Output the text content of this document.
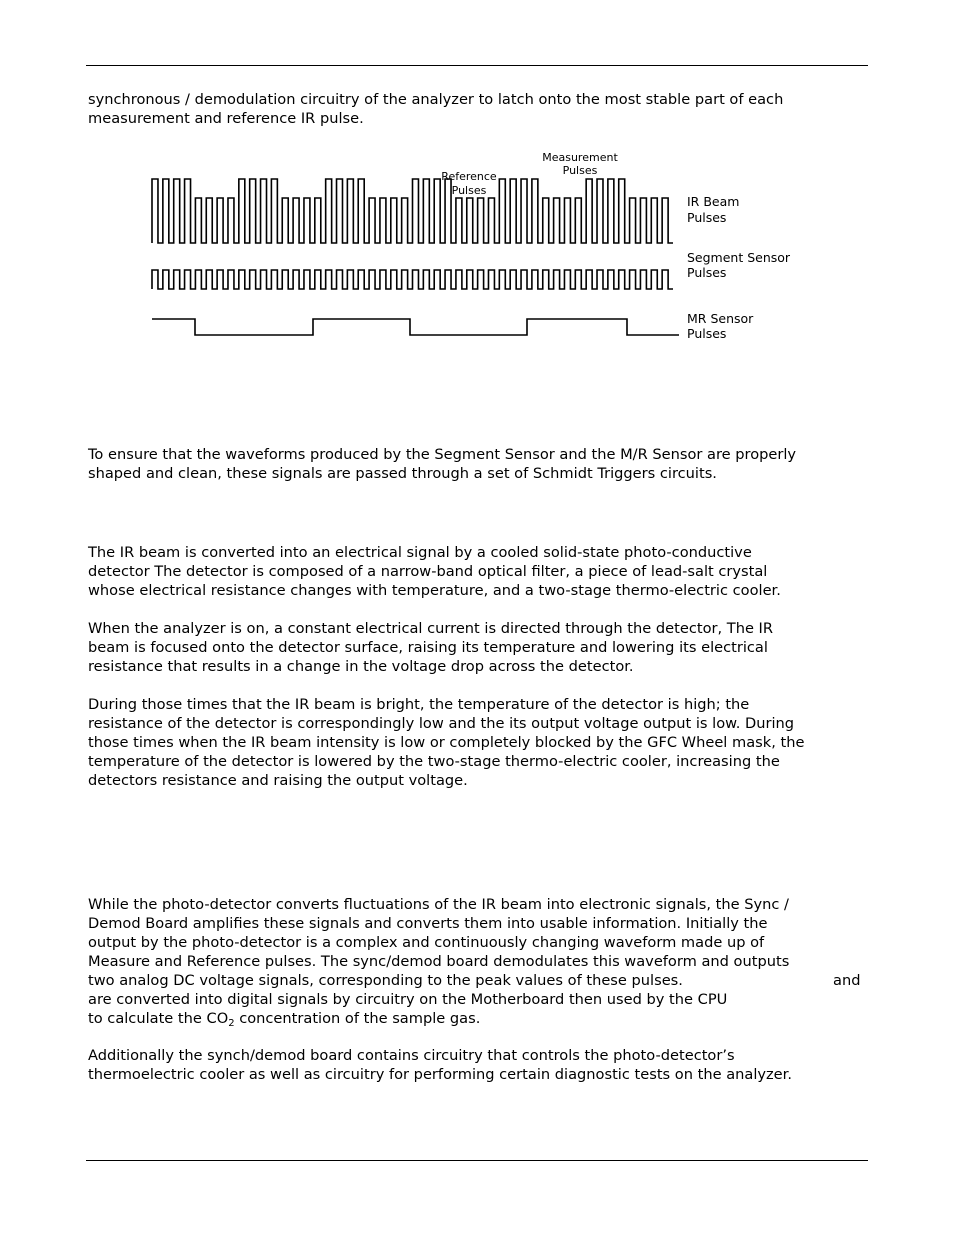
synchronous / demodulation circuitry of the analyzer to latch onto the most stable part of each
measurement and reference IR pulse.

Reference
Pulses
Measurement
Pulses
IR Beam
Pulses
Segment Sensor
Pulses
MR Sensor
Pulses

To ensure that the waveforms produced by the Segment Sensor and the M/R Sensor are properly
shaped and clean, these signals are passed through a set of Schmidt Triggers circuits.

The IR beam is converted into an electrical signal by a cooled solid-state photo-conductive
detector The detector is composed of a narrow-band optical filter, a piece of lead-salt crystal
whose electrical resistance changes with temperature, and a two-stage thermo-electric cooler.

When the analyzer is on, a constant electrical current is directed through the detector, The IR
beam is focused onto the detector surface, raising its temperature and lowering its electrical
resistance that results in a change in the voltage drop across the detector.

During those times that the IR beam is bright, the temperature of the detector is high; the
resistance of the detector is correspondingly low and the its output voltage output is low. During
those times when the IR beam intensity is low or completely blocked by the GFC Wheel mask, the
temperature of the detector is lowered by the two-stage thermo-electric cooler, increasing the
detectors resistance and raising the output voltage.

While the photo-detector converts fluctuations of the IR beam into electronic signals, the Sync /
Demod Board amplifies these signals and converts them into usable information. Initially the
output by the photo-detector is a complex and continuously changing waveform made up of
Measure and Reference pulses. The sync/demod board demodulates this waveform and outputs
two analog DC voltage signals, corresponding to the peak values of these pulses.	and
are converted into digital signals by circuitry on the Motherboard then used by the CPU
to calculate the $CO_2$ concentration of the sample gas.

Additionally the synch/demod board contains circuitry that controls the photo-detector’s
thermoelectric cooler as well as circuitry for performing certain diagnostic tests on the analyzer.
